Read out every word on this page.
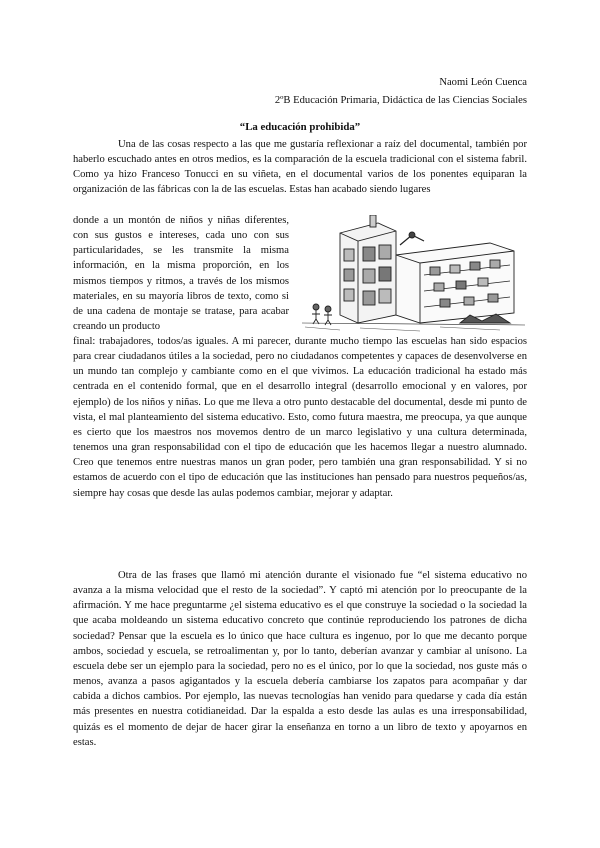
Naomi León Cuenca
2ºB Educación Primaria, Didáctica de las Ciencias Sociales
“La educación prohibida”

Una de las cosas respecto a las que me gustaría reflexionar a raíz del documental, también por haberlo escuchado antes en otros medios, es la comparación de la escuela tradicional con el sistema fabril. Como ya hizo Franceso Tonucci en su viñeta, en el documental varios de los ponentes equiparan la organización de las fábricas con la de las escuelas. Estas han acabado siendo lugares

donde a un montón de niños y niñas diferentes, con sus gustos e intereses, cada uno con sus particularidades, se les transmite la misma información, en la misma proporción, en los mismos tiempos y ritmos, a través de los mismos materiales, en su mayoría libros de texto, como si de una cadena de montaje se tratase, para acabar creando un producto

final: trabajadores, todos/as iguales. A mi parecer, durante mucho tiempo las escuelas han sido espacios para crear ciudadanos útiles a la sociedad, pero no ciudadanos competentes y capaces de desenvolverse en un mundo tan complejo y cambiante como en el que vivimos. La educación tradicional ha estado más centrada en el contenido formal, que en el desarrollo integral (desarrollo emocional y en valores, por ejemplo) de los niños y niñas. Lo que me lleva a otro punto destacable del documental, desde mi punto de vista, el mal planteamiento del sistema educativo. Esto, como futura maestra, me preocupa, ya que aunque es cierto que los maestros nos movemos dentro de un marco legislativo y una cultura determinada, tenemos una gran responsabilidad con el tipo de educación que les hacemos llegar a nuestro alumnado. Creo que tenemos entre nuestras manos un gran poder, pero también una gran responsabilidad. Y si no estamos de acuerdo con el tipo de educación que las instituciones han pensado para nuestros pequeños/as, siempre hay cosas que desde las aulas podemos cambiar, mejorar y adaptar.

Otra de las frases que llamó mi atención durante el visionado fue “el sistema educativo no avanza a la misma velocidad que el resto de la sociedad”. Y captó mi atención por lo preocupante de la afirmación. Y me hace preguntarme ¿el sistema educativo es el que construye la sociedad o la sociedad la que acaba moldeando un sistema educativo concreto que continúe reproduciendo los patrones de dicha sociedad? Pensar que la escuela es lo único que hace cultura es ingenuo, por lo que me decanto porque ambos, sociedad y escuela, se retroalimentan y, por lo tanto, deberían avanzar y cambiar al unísono. La escuela debe ser un ejemplo para la sociedad, pero no es el único, por lo que la sociedad, nos guste más o menos, avanza a pasos agigantados y la escuela debería cambiarse los zapatos para acompañar y dar cabida a dichos cambios. Por ejemplo, las nuevas tecnologías han venido para quedarse y cada día están más presentes en nuestra cotidianeidad. Dar la espalda a esto desde las aulas es una irresponsabilidad, quizás es el momento de dejar de hacer girar la enseñanza en torno a un libro de texto y apoyarnos en estas.
